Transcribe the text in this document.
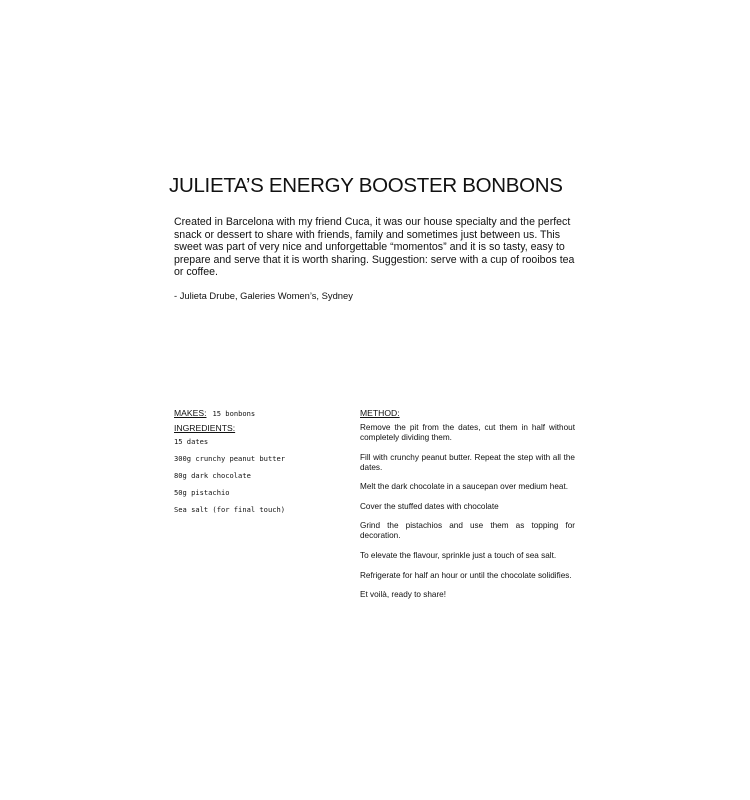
JULIETA’S ENERGY BOOSTER BONBONS

Created in Barcelona with my friend Cuca, it was our house specialty and the perfect snack or dessert to share with friends, family and sometimes just between us. This sweet was part of very nice and unforgettable “momentos” and it is so tasty, easy to prepare and serve that it is worth sharing. Suggestion: serve with a cup of rooibos tea or coffee.

- Julieta Drube, Galeries Women’s, Sydney

MAKES: 15 bonbons
INGREDIENTS:
15 dates
300g crunchy peanut butter
80g dark chocolate
50g pistachio
Sea salt (for final touch)
METHOD:
Remove the pit from the dates, cut them in half without completely dividing them.
Fill with crunchy peanut butter. Repeat the step with all the dates.
Melt the dark chocolate in a saucepan over medium heat.
Cover the stuffed dates with chocolate
Grind the pistachios and use them as topping for decoration.
To elevate the flavour, sprinkle just a touch of sea salt.
Refrigerate for half an hour or until the chocolate solidifies.
Et voilà, ready to share!
